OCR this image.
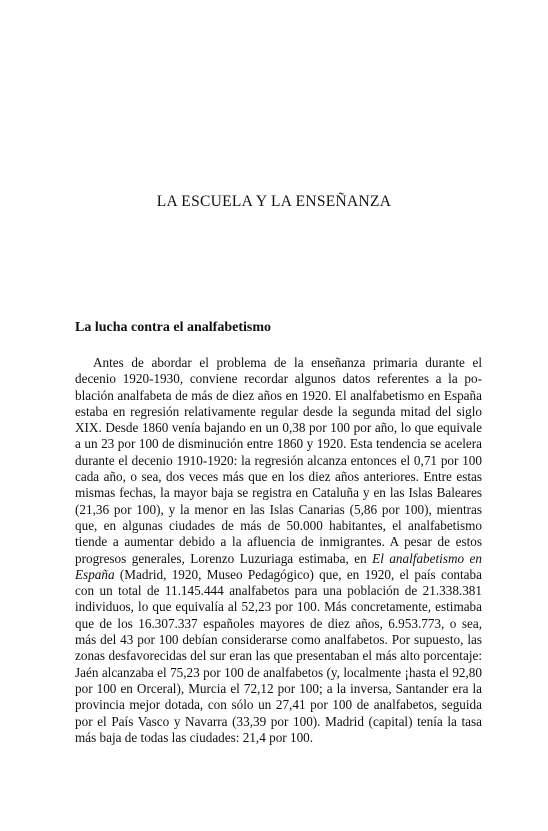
LA ESCUELA Y LA ENSEÑANZA
La lucha contra el analfabetismo

Antes de abordar el problema de la enseñanza primaria durante el decenio 1920-1930, conviene recordar algunos datos referentes a la población analfabeta de más de diez años en 1920. El analfabetismo en España estaba en regresión relativamente regular desde la segunda mitad del siglo XIX. Desde 1860 venía bajando en un 0,38 por 100 por año, lo que equivale a un 23 por 100 de disminución entre 1860 y 1920. Esta tendencia se acelera durante el decenio 1910-1920: la regresión alcanza entonces el 0,71 por 100 cada año, o sea, dos veces más que en los diez años anteriores. Entre estas mismas fechas, la mayor baja se registra en Cataluña y en las Islas Baleares (21,36 por 100), y la menor en las Islas Canarias (5,86 por 100), mientras que, en algunas ciudades de más de 50.000 habitantes, el analfabetismo tiende a aumentar debido a la afluencia de inmigrantes. A pesar de estos progresos generales, Lorenzo Luzuriaga estimaba, en El analfabetismo en España (Madrid, 1920, Museo Pedagógico) que, en 1920, el país contaba con un total de 11.145.444 analfabetos para una población de 21.338.381 individuos, lo que equivalía al 52,23 por 100. Más concretamente, estimaba que de los 16.307.337 españoles mayores de diez años, 6.953.773, o sea, más del 43 por 100 debían considerarse como analfabetos. Por supuesto, las zonas desfavorecidas del sur eran las que presentaban el más alto porcentaje: Jaén alcanzaba el 75,23 por 100 de analfabetos (y, localmente ¡hasta el 92,80 por 100 en Orceral), Murcia el 72,12 por 100; a la inversa, Santander era la provincia mejor dotada, con sólo un 27,41 por 100 de analfabetos, seguida por el País Vasco y Navarra (33,39 por 100). Madrid (capital) tenía la tasa más baja de todas las ciudades: 21,4 por 100.
